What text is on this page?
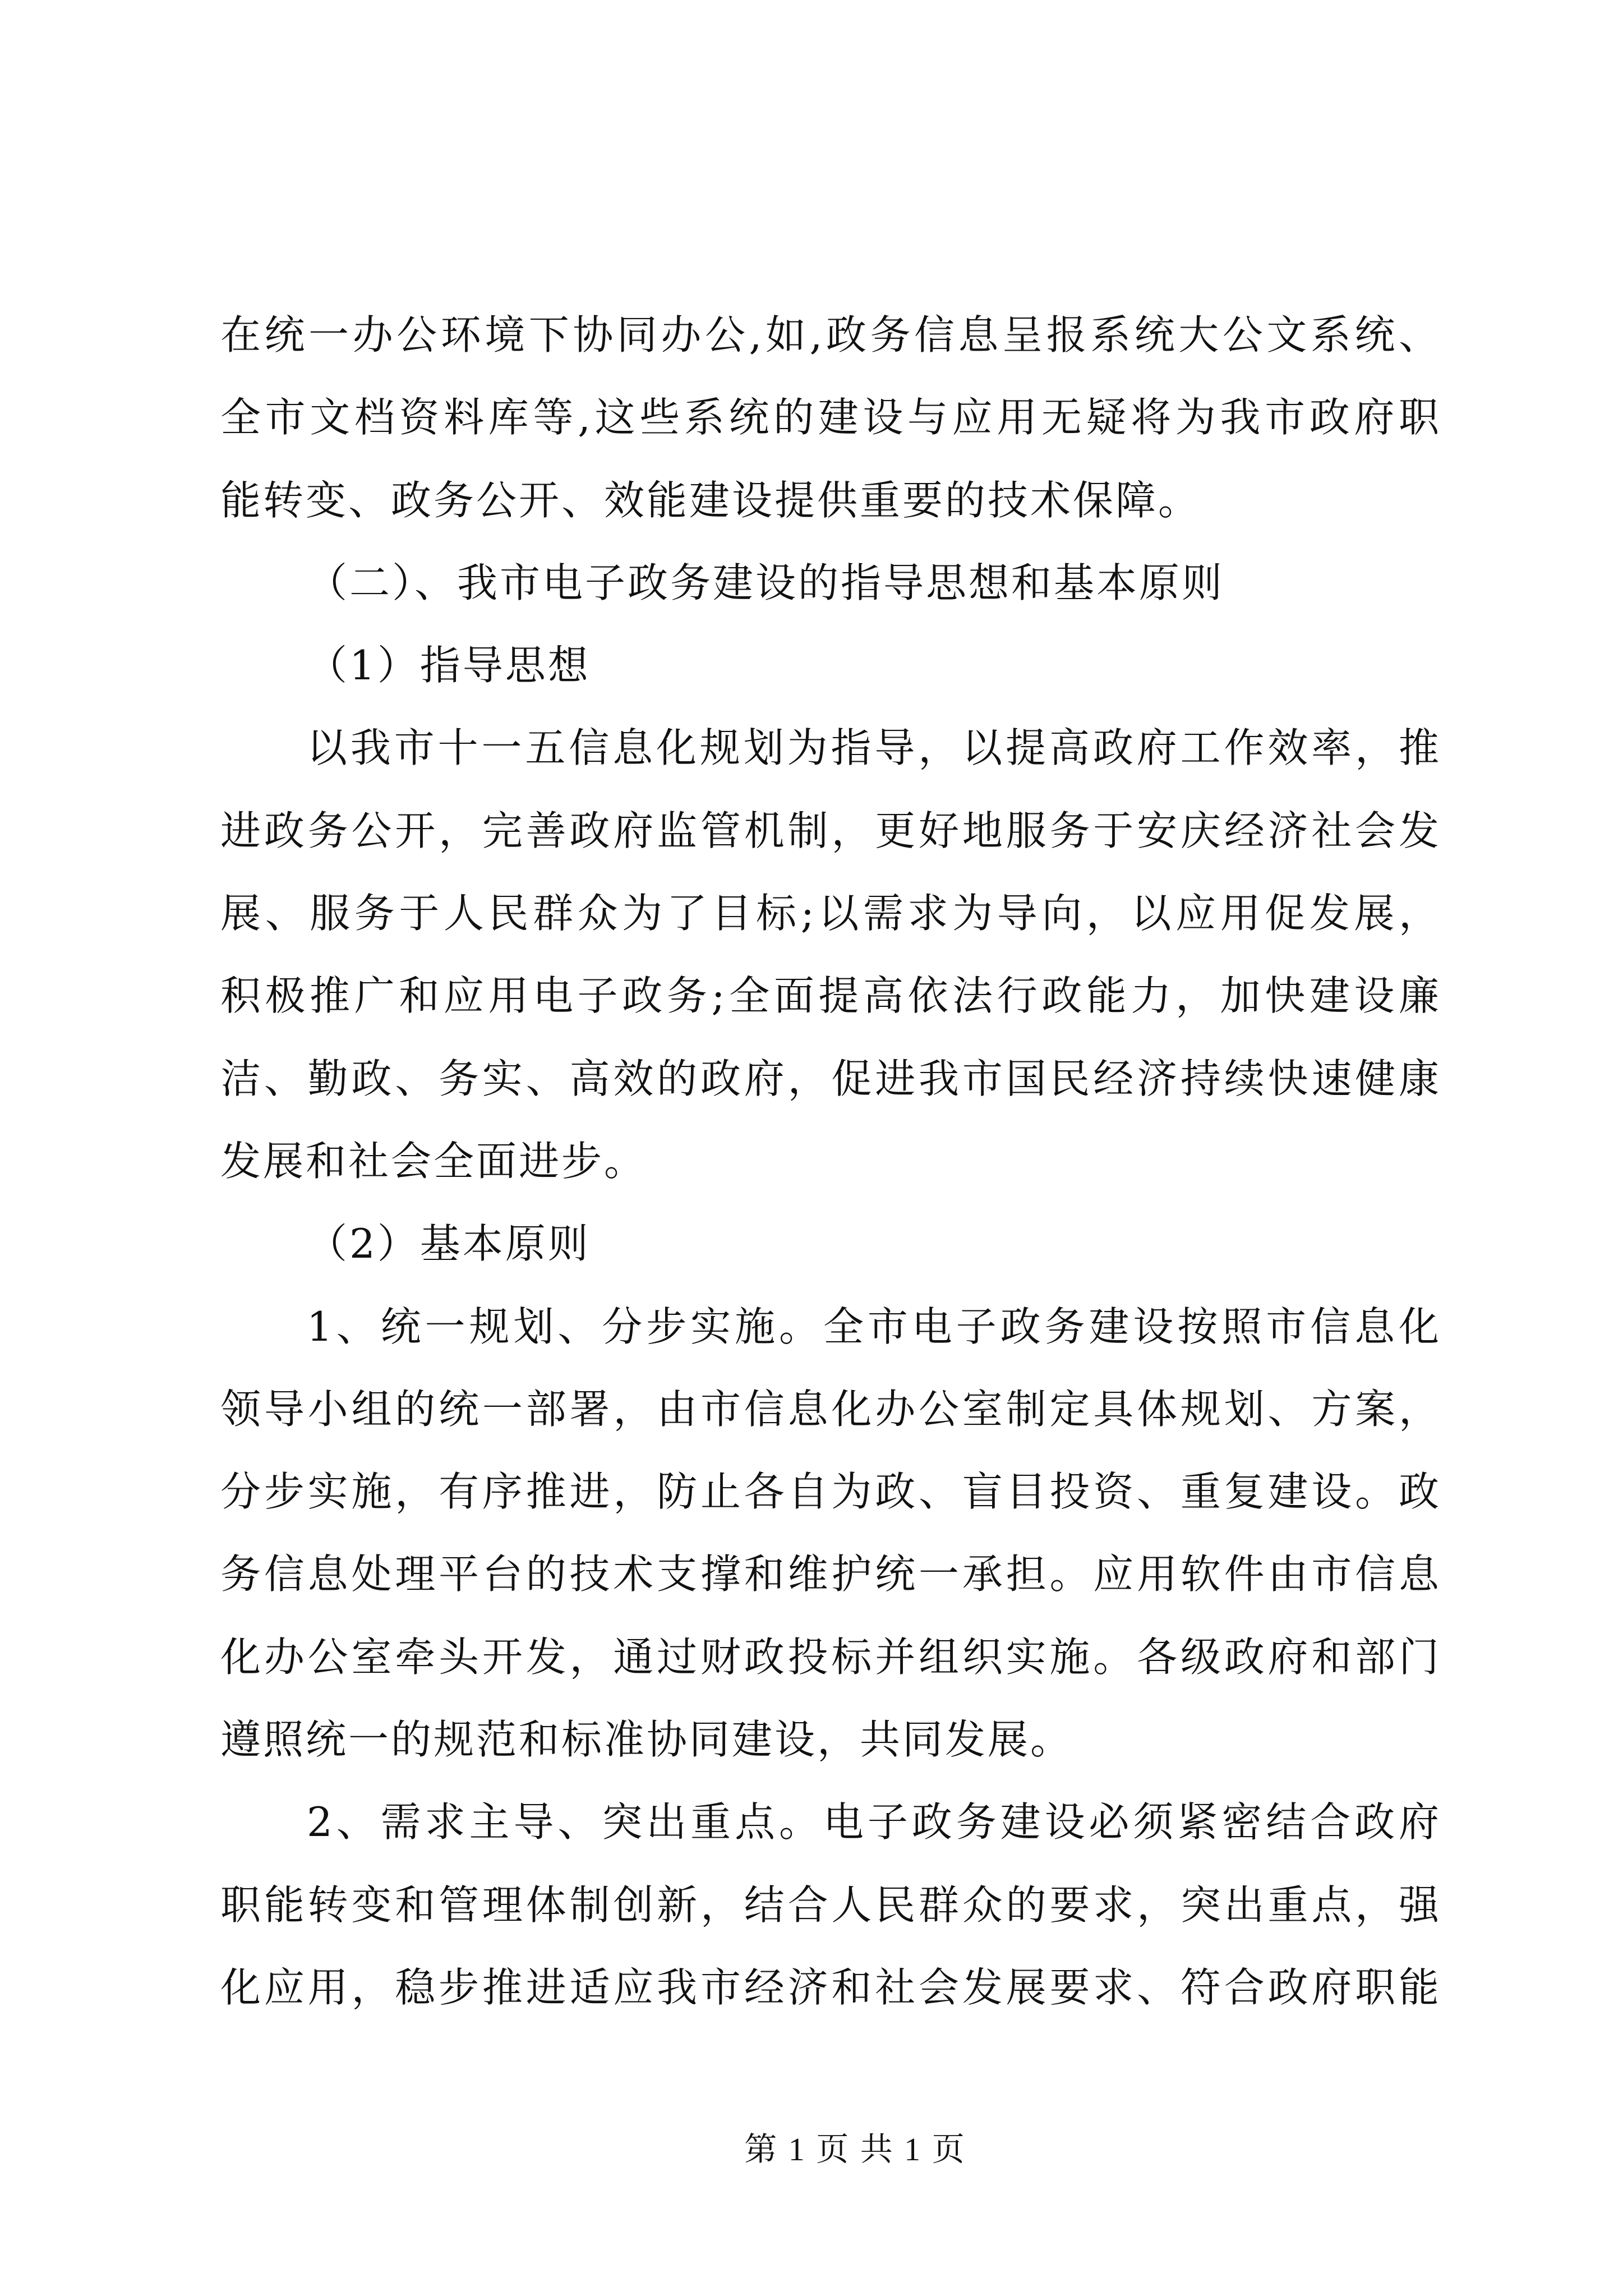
在统一办公环境下协同办公,如,政务信息呈报系统大公文系统、
全市文档资料库等,这些系统的建设与应用无疑将为我市政府职
能转变、政务公开、效能建设提供重要的技术保障。
（二）、我市电子政务建设的指导思想和基本原则
（1）指导思想
以我市十一五信息化规划为指导，以提高政府工作效率，推
进政务公开，完善政府监管机制，更好地服务于安庆经济社会发
展、服务于人民群众为了目标;以需求为导向，以应用促发展，
积极推广和应用电子政务;全面提高依法行政能力，加快建设廉
洁、勤政、务实、高效的政府，促进我市国民经济持续快速健康
发展和社会全面进步。
（2）基本原则
1、统一规划、分步实施。全市电子政务建设按照市信息化
领导小组的统一部署，由市信息化办公室制定具体规划、方案，
分步实施，有序推进，防止各自为政、盲目投资、重复建设。政
务信息处理平台的技术支撑和维护统一承担。应用软件由市信息
化办公室牵头开发，通过财政投标并组织实施。各级政府和部门
遵照统一的规范和标准协同建设，共同发展。
2、需求主导、突出重点。电子政务建设必须紧密结合政府
职能转变和管理体制创新，结合人民群众的要求，突出重点，强
化应用，稳步推进适应我市经济和社会发展要求、符合政府职能
第 1 页 共 1 页
